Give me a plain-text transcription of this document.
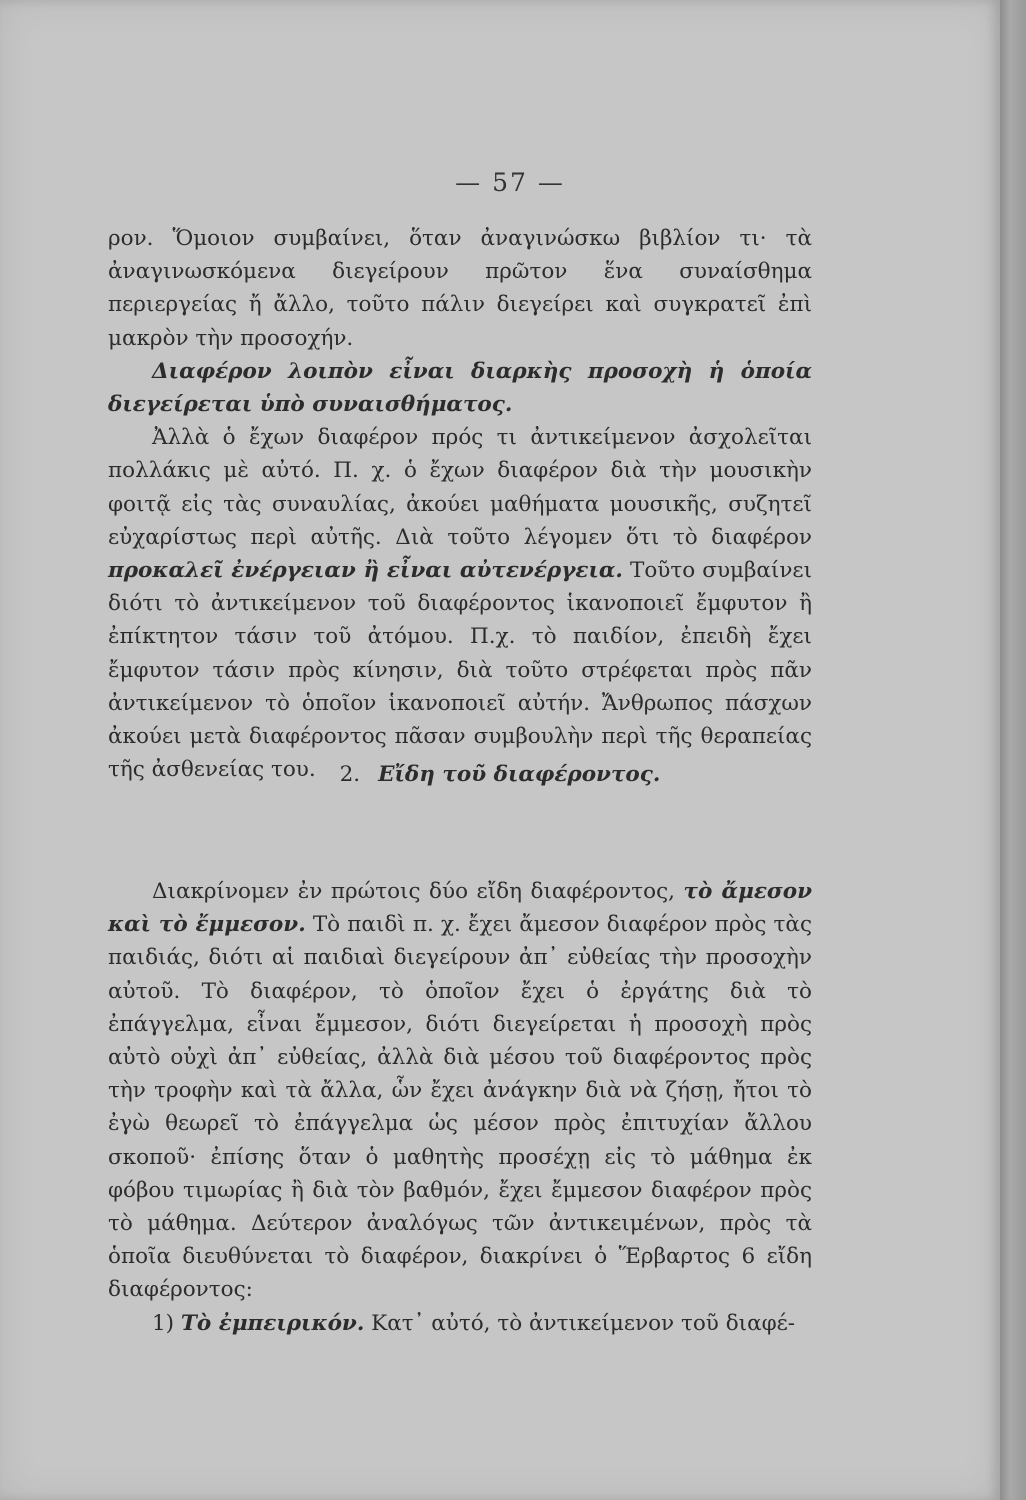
— 57 —

ρον. Ὅμοιον συμβαίνει, ὅταν ἀναγινώσκω βιβλίον τι· τὰ ἀναγινωσκόμενα διεγείρουν πρῶτον ἕνα συναίσθημα περιεργείας ἤ ἄλλο, τοῦτο πάλιν διεγείρει καὶ συγκρατεῖ ἐπὶ μακρὸν τὴν προσοχήν.

Διαφέρον λοιπὸν εἶναι διαρκὴς προσοχὴ ἡ ὁποία διεγείρεται ὑπὸ συναισθήματος.

Ἀλλὰ ὁ ἔχων διαφέρον πρός τι ἀντικείμενον ἀσχολεῖται πολλάκις μὲ αὐτό. Π. χ. ὁ ἔχων διαφέρον διὰ τὴν μουσικὴν φοιτᾷ εἰς τὰς συναυλίας, ἀκούει μαθήματα μουσικῆς, συζητεῖ εὐχαρίστως περὶ αὐτῆς. Διὰ τοῦτο λέγομεν ὅτι τὸ διαφέρον προκαλεῖ ἐνέργειαν ἢ εἶναι αὐτενέργεια. Τοῦτο συμβαίνει διότι τὸ ἀντικείμενον τοῦ διαφέροντος ἱκανοποιεῖ ἔμφυτον ἢ ἐπίκτητον τάσιν τοῦ ἀτόμου. Π.χ. τὸ παιδίον, ἐπειδὴ ἔχει ἔμφυτον τάσιν πρὸς κίνησιν, διὰ τοῦτο στρέφεται πρὸς πᾶν ἀντικείμενον τὸ ὁποῖον ἱκανοποιεῖ αὐτήν. Ἄνθρωπος πάσχων ἀκούει μετὰ διαφέροντος πᾶσαν συμβουλὴν περὶ τῆς θεραπείας τῆς ἀσθενείας του.	2. Εἴδη τοῦ διαφέροντος.

Διακρίνομεν ἐν πρώτοις δύο εἴδη διαφέροντος, τὸ ἄμεσον καὶ τὸ ἔμμεσον. Τὸ παιδὶ π. χ. ἔχει ἄμεσον διαφέρον πρὸς τὰς παιδιάς, διότι αἱ παιδιαὶ διεγείρουν ἀπ᾽ εὐθείας τὴν προσοχὴν αὐτοῦ. Τὸ διαφέρον, τὸ ὁποῖον ἔχει ὁ ἐργάτης διὰ τὸ ἐπάγγελμα, εἶναι ἔμμεσον, διότι διεγείρεται ἡ προσοχὴ πρὸς αὐτὸ οὐχὶ ἀπ᾽ εὐθείας, ἀλλὰ διὰ μέσου τοῦ διαφέροντος πρὸς τὴν τροφὴν καὶ τὰ ἄλλα, ὧν ἔχει ἀνάγκην διὰ νὰ ζήσῃ, ἤτοι τὸ ἐγὼ θεωρεῖ τὸ ἐπάγγελμα ὡς μέσον πρὸς ἐπιτυχίαν ἄλλου σκοποῦ· ἐπίσης ὅταν ὁ μαθητὴς προσέχῃ εἰς τὸ μάθημα ἐκ φόβου τιμωρίας ἢ διὰ τὸν βαθμόν, ἔχει ἔμμεσον διαφέρον πρὸς τὸ μάθημα. Δεύτερον ἀναλόγως τῶν ἀντικειμένων, πρὸς τὰ ὁποῖα διευθύνεται τὸ διαφέρον, διακρίνει ὁ Ἕρβαρτος 6 εἴδη διαφέροντος:

1) Τὸ ἐμπειρικόν. Κατ᾽ αὐτό, τὸ ἀντικείμενον τοῦ διαφέ-
